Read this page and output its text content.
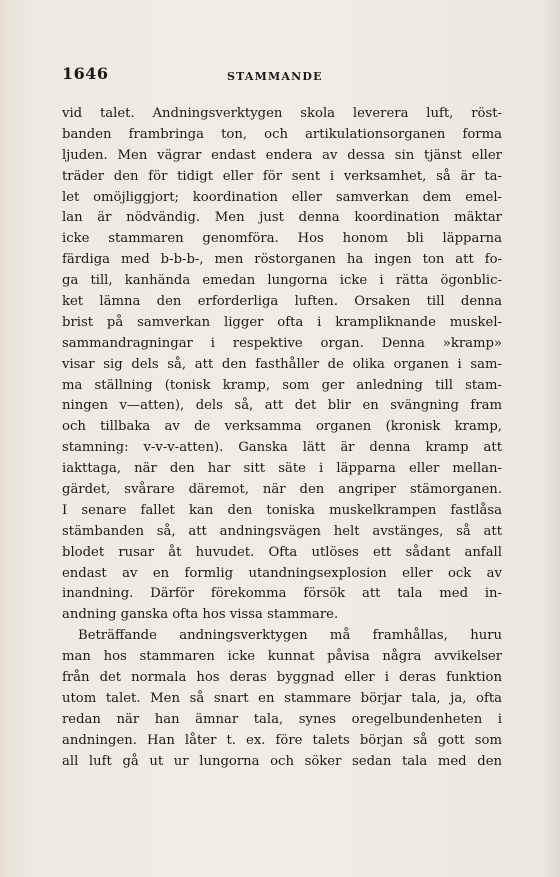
1646	STAMMANDE
vid talet. Andningsverktygen skola leverera luft, röst-
banden frambringa ton, och artikulationsorganen forma
ljuden. Men vägrar endast endera av dessa sin tjänst eller
träder den för tidigt eller för sent i verksamhet, så är ta-
let omöjliggjort; koordination eller samverkan dem emel-
lan är nödvändig. Men just denna koordination mäktar
icke stammaren genomföra. Hos honom bli läpparna
färdiga med b-b-b-, men röstorganen ha ingen ton att fo-
ga till, kanhända emedan lungorna icke i rätta ögonblic-
ket lämna den erforderliga luften. Orsaken till denna
brist på samverkan ligger ofta i krampliknande muskel-
sammandragningar i respektive organ. Denna »kramp»
visar sig dels så, att den fasthåller de olika organen i sam-
ma ställning (tonisk kramp, som ger anledning till stam-
ningen v—atten), dels så, att det blir en svängning fram
och tillbaka av de verksamma organen (kronisk kramp,
stamning: v-v-v-atten). Ganska lätt är denna kramp att
iakttaga, när den har sitt säte i läpparna eller mellan-
gärdet, svårare däremot, när den angriper stämorganen.
I senare fallet kan den toniska muskelkrampen fastlåsa
stämbanden så, att andningsvägen helt avstänges, så att
blodet rusar åt huvudet. Ofta utlöses ett sådant anfall
endast av en formlig utandningsexplosion eller ock av
inandning. Därför förekomma försök att tala med in-
andning ganska ofta hos vissa stammare.
Beträffande andningsverktygen må framhållas, huru
man hos stammaren icke kunnat påvisa några avvikelser
från det normala hos deras byggnad eller i deras funktion
utom talet. Men så snart en stammare börjar tala, ja, ofta
redan när han ämnar tala, synes oregelbundenheten i
andningen. Han låter t. ex. före talets början så gott som
all luft gå ut ur lungorna och söker sedan tala med den
